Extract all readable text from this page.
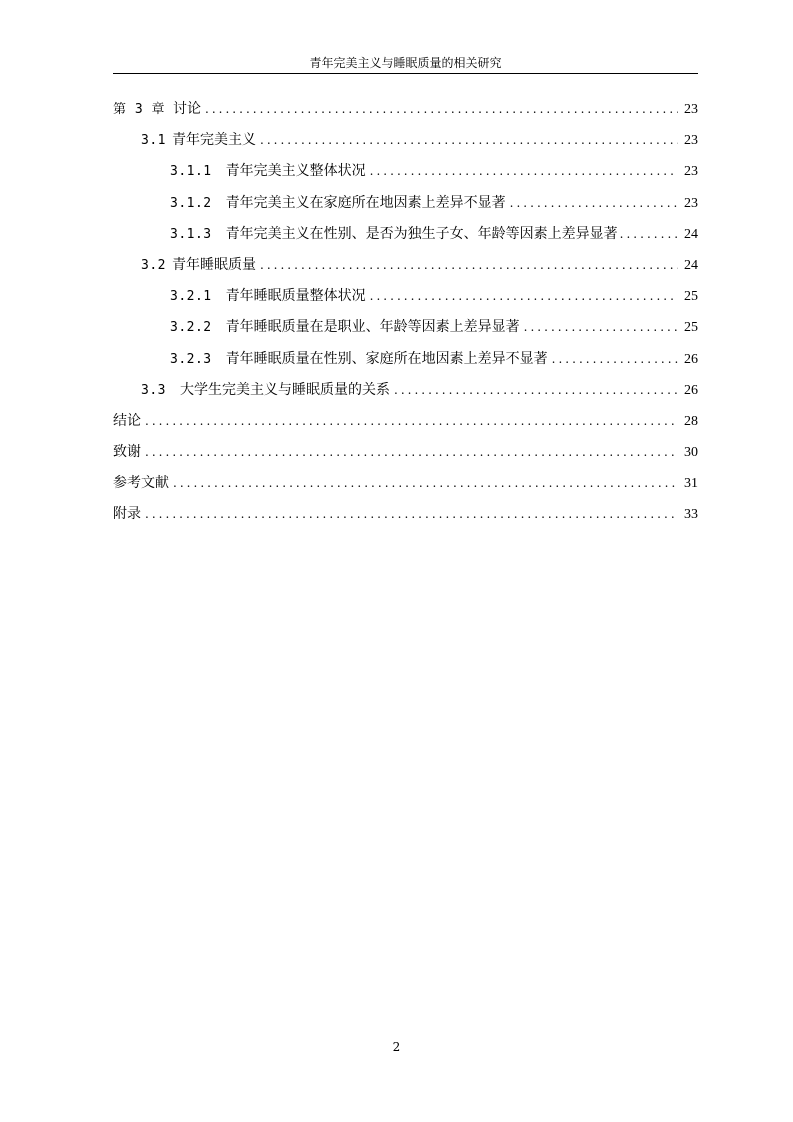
青年完美主义与睡眠质量的相关研究
第 3 章 讨论 . . .	23
3.1 青年完美主义 . . .	23
3.1.1 青年完美主义整体状况 . . .	23
3.1.2 青年完美主义在家庭所在地因素上差异不显著 . . .	23
3.1.3 青年完美主义在性别、是否为独生子女、年龄等因素上差异显著 . . .	24
3.2 青年睡眠质量 . . .	24
3.2.1 青年睡眠质量整体状况 . . .	25
3.2.2 青年睡眠质量在是职业、年龄等因素上差异显著 . . .	25
3.2.3 青年睡眠质量在性别、家庭所在地因素上差异不显著 . . .	26
3.3 大学生完美主义与睡眠质量的关系 . . .	26
结论 . . .	28
致谢 . . .	30
参考文献 . . .	31
附录 . . .	33
2
